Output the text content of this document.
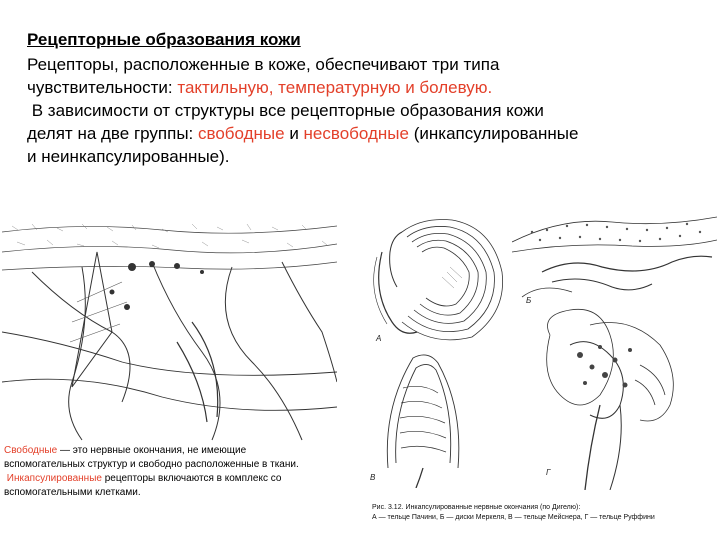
Рецепторные образования кожи
Рецепторы, расположенные в коже, обеспечивают три типа
чувствительности: тактильную, температурную и болевую.
В зависимости от структуры все рецепторные образования кожи
делят на две группы: свободные и несвободные (инкапсулированные
и неинкапсулированные).
Свободные — это нервные окончания, не имеющие вспомогательных структур и свободно расположенные в ткани.
Инкапсулированные рецепторы включаются в комплекс со вспомогательными клетками.
А
Б
В
Г
Рис. 3.12. Инкапсулированные нервные окончания (по Дигелю):
А — тельце Пачини, Б — диски Меркеля, В — тельце Мейснера, Г — тельце Руффини
